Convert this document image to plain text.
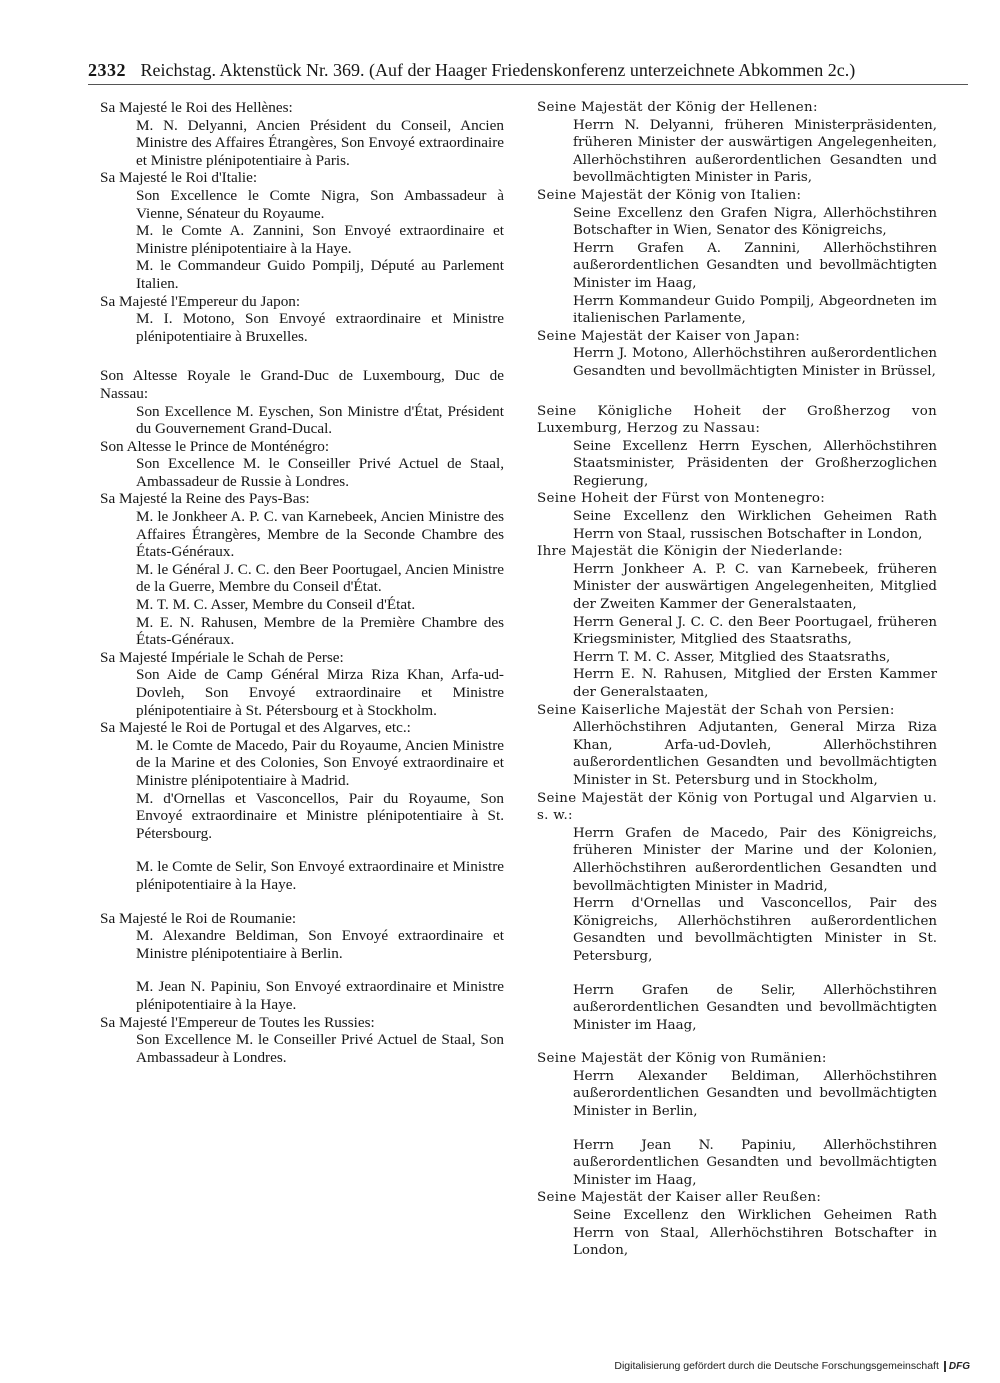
2332 Reichstag. Aktenstück Nr. 369. (Auf der Haager Friedenskonferenz unterzeichnete Abkommen 2c.)
Sa Majesté le Roi des Hellènes:
M. N. Delyanni, Ancien Président du Conseil, Ancien Ministre des Affaires Étrangères, Son Envoyé extraordinaire et Ministre plénipotentiaire à Paris.
Sa Majesté le Roi d'Italie:
Son Excellence le Comte Nigra, Son Ambassadeur à Vienne, Sénateur du Royaume.
M. le Comte A. Zannini, Son Envoyé extraordinaire et Ministre plénipotentiaire à la Haye.
M. le Commandeur Guido Pompilj, Député au Parlement Italien.
Sa Majesté l'Empereur du Japon:
M. I. Motono, Son Envoyé extraordinaire et Ministre plénipotentiaire à Bruxelles.
Son Altesse Royale le Grand-Duc de Luxembourg, Duc de Nassau:
Son Excellence M. Eyschen, Son Ministre d'État, Président du Gouvernement Grand-Ducal.
Son Altesse le Prince de Monténégro:
Son Excellence M. le Conseiller Privé Actuel de Staal, Ambassadeur de Russie à Londres.
Sa Majesté la Reine des Pays-Bas:
M. le Jonkheer A. P. C. van Karnebeek, Ancien Ministre des Affaires Étrangères, Membre de la Seconde Chambre des États-Généraux.
M. le Général J. C. C. den Beer Poortugael, Ancien Ministre de la Guerre, Membre du Conseil d'État.
M. T. M. C. Asser, Membre du Conseil d'État.
M. E. N. Rahusen, Membre de la Première Chambre des États-Généraux.
Sa Majesté Impériale le Schah de Perse:
Son Aide de Camp Général Mirza Riza Khan, Arfa-ud-Dovleh, Son Envoyé extraordinaire et Ministre plénipotentiaire à St. Pétersbourg et à Stockholm.
Sa Majesté le Roi de Portugal et des Algarves, etc.:
M. le Comte de Macedo, Pair du Royaume, Ancien Ministre de la Marine et des Colonies, Son Envoyé extraordinaire et Ministre plénipotentiaire à Madrid.
M. d'Ornellas et Vasconcellos, Pair du Royaume, Son Envoyé extraordinaire et Ministre plénipotentiaire à St. Pétersbourg.
M. le Comte de Selir, Son Envoyé extraordinaire et Ministre plénipotentiaire à la Haye.
Sa Majesté le Roi de Roumanie:
M. Alexandre Beldiman, Son Envoyé extraordinaire et Ministre plénipotentiaire à Berlin.
M. Jean N. Papiniu, Son Envoyé extraordinaire et Ministre plénipotentiaire à la Haye.
Sa Majesté l'Empereur de Toutes les Russies:
Son Excellence M. le Conseiller Privé Actuel de Staal, Son Ambassadeur à Londres.
Seine Majestät der König der Hellenen:
Herrn N. Delyanni, früheren Ministerpräsidenten, früheren Minister der auswärtigen Angelegenheiten, Allerhöchstihren außerordentlichen Gesandten und bevollmächtigten Minister in Paris,
Seine Majestät der König von Italien:
Seine Excellenz den Grafen Nigra, Allerhöchstihren Botschafter in Wien, Senator des Königreichs,
Herrn Grafen A. Zannini, Allerhöchstihren außerordentlichen Gesandten und bevollmächtigten Minister im Haag,
Herrn Kommandeur Guido Pompilj, Abgeordneten im italienischen Parlamente,
Seine Majestät der Kaiser von Japan:
Herrn J. Motono, Allerhöchstihren außerordentlichen Gesandten und bevollmächtigten Minister in Brüssel,
Seine Königliche Hoheit der Großherzog von Luxemburg, Herzog zu Nassau:
Seine Excellenz Herrn Eyschen, Allerhöchstihren Staatsminister, Präsidenten der Großherzoglichen Regierung,
Seine Hoheit der Fürst von Montenegro:
Seine Excellenz den Wirklichen Geheimen Rath Herrn von Staal, russischen Botschafter in London,
Ihre Majestät die Königin der Niederlande:
Herrn Jonkheer A. P. C. van Karnebeek, früheren Minister der auswärtigen Angelegenheiten, Mitglied der Zweiten Kammer der Generalstaaten,
Herrn General J. C. C. den Beer Poortugael, früheren Kriegsminister, Mitglied des Staatsraths,
Herrn T. M. C. Asser, Mitglied des Staatsraths,
Herrn E. N. Rahusen, Mitglied der Ersten Kammer der Generalstaaten,
Seine Kaiserliche Majestät der Schah von Persien:
Allerhöchstihren Adjutanten, General Mirza Riza Khan, Arfa-ud-Dovleh, Allerhöchstihren außerordentlichen Gesandten und bevollmächtigten Minister in St. Petersburg und in Stockholm,
Seine Majestät der König von Portugal und Algarvien u. s. w.:
Herrn Grafen de Macedo, Pair des Königreichs, früheren Minister der Marine und der Kolonien, Allerhöchstihren außerordentlichen Gesandten und bevollmächtigten Minister in Madrid,
Herrn d'Ornellas und Vasconcellos, Pair des Königreichs, Allerhöchstihren außerordentlichen Gesandten und bevollmächtigten Minister in St. Petersburg,
Herrn Grafen de Selir, Allerhöchstihren außerordentlichen Gesandten und bevollmächtigten Minister im Haag,
Seine Majestät der König von Rumänien:
Herrn Alexander Beldiman, Allerhöchstihren außerordentlichen Gesandten und bevollmächtigten Minister in Berlin,
Herrn Jean N. Papiniu, Allerhöchstihren außerordentlichen Gesandten und bevollmächtigten Minister im Haag,
Seine Majestät der Kaiser aller Reußen:
Seine Excellenz den Wirklichen Geheimen Rath Herrn von Staal, Allerhöchstihren Botschafter in London,
Digitalisierung gefördert durch die Deutsche Forschungsgemeinschaft	DFG
